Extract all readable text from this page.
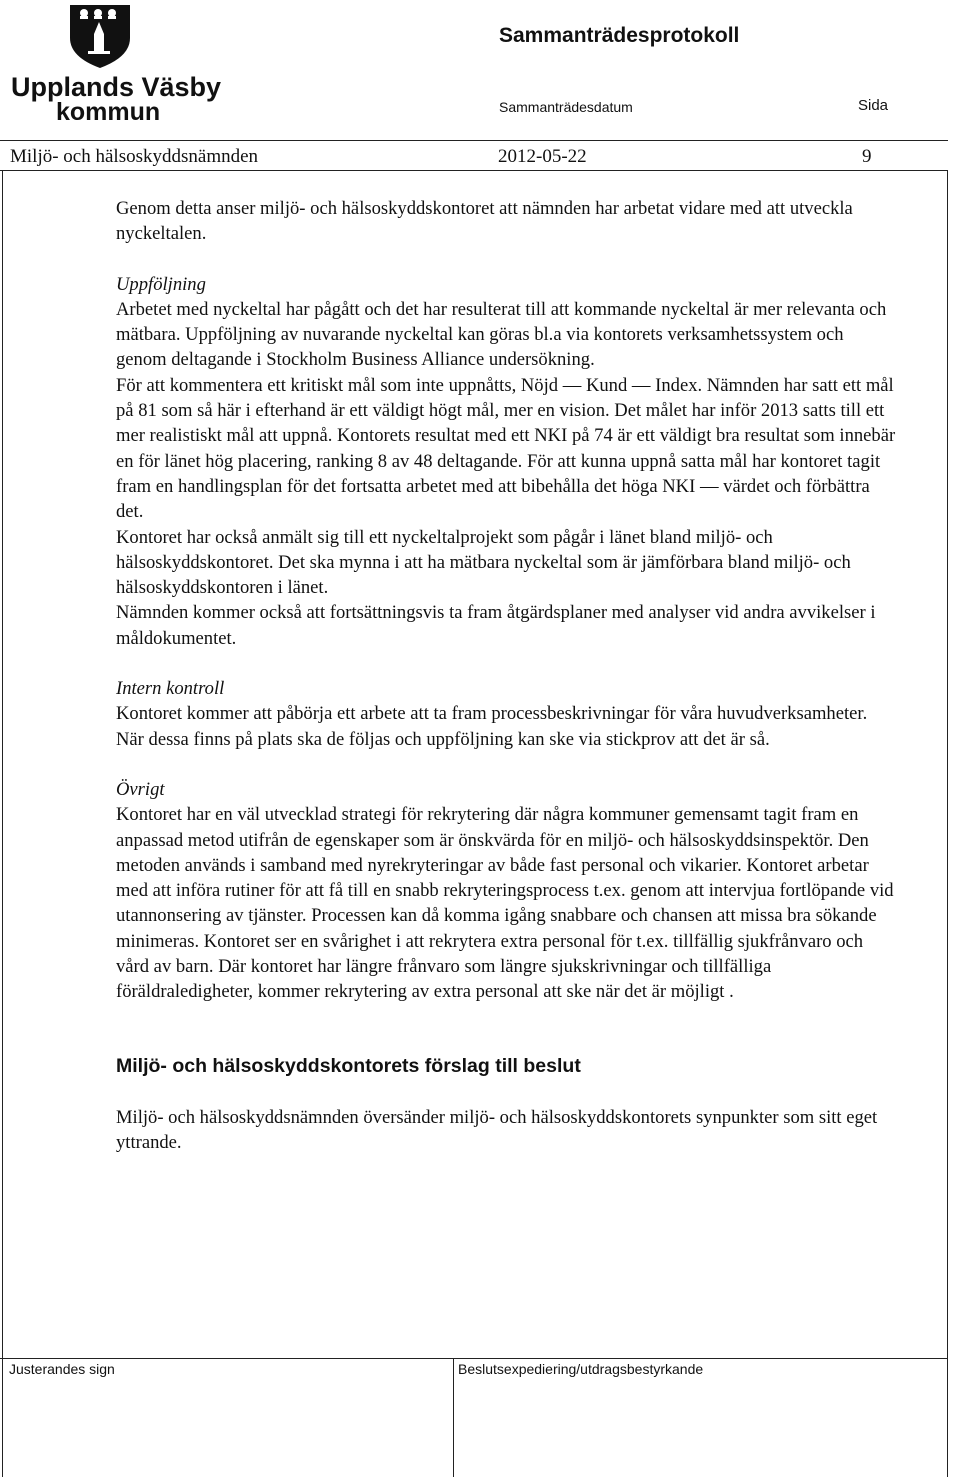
Upplands Väsby
kommun
Sammanträdesprotokoll
Sammanträdesdatum	Sida
Miljö- och hälsoskyddsnämnden	2012-05-22	9

Genom detta anser miljö- och hälsoskyddskontoret att nämnden har arbetat vidare med att utveckla nyckeltalen.

Uppföljning

Arbetet med nyckeltal har pågått och det har resulterat till att kommande nyckeltal är mer relevanta och mätbara. Uppföljning av nuvarande nyckeltal kan göras bl.a via kontorets verksamhetssystem och genom deltagande i Stockholm Business Alliance undersökning.

För att kommentera ett kritiskt mål som inte uppnåtts, Nöjd — Kund — Index. Nämnden har satt ett mål på 81 som så här i efterhand är ett väldigt högt mål, mer en vision. Det målet har inför 2013 satts till ett mer realistiskt mål att uppnå. Kontorets resultat med ett NKI på 74 är ett väldigt bra resultat som innebär en för länet hög placering, ranking 8 av 48 deltagande. För att kunna uppnå satta mål har kontoret tagit fram en handlingsplan för det fortsatta arbetet med att bibehålla det höga NKI — värdet och förbättra det.

Kontoret har också anmält sig till ett nyckeltalprojekt som pågår i länet bland miljö- och hälsoskyddskontoret. Det ska mynna i att ha mätbara nyckeltal som är jämförbara bland miljö- och hälsoskyddskontoren i länet.

Nämnden kommer också att fortsättningsvis ta fram åtgärdsplaner med analyser vid andra avvikelser i måldokumentet.

Intern kontroll

Kontoret kommer att påbörja ett arbete att ta fram processbeskrivningar för våra huvudverksamheter. När dessa finns på plats ska de följas och uppföljning kan ske via stickprov att det är så.

Övrigt

Kontoret har en väl utvecklad strategi för rekrytering där några kommuner gemensamt tagit fram en anpassad metod utifrån de egenskaper som är önskvärda för en miljö- och hälsoskyddsinspektör. Den metoden används i samband med nyrekryteringar av både fast personal och vikarier. Kontoret arbetar med att införa rutiner för att få till en snabb rekryteringsprocess t.ex. genom att intervjua fortlöpande vid utannonsering av tjänster. Processen kan då komma igång snabbare och chansen att missa bra sökande minimeras. Kontoret ser en svårighet i att rekrytera extra personal för t.ex. tillfällig sjukfrånvaro och vård av barn. Där kontoret har längre frånvaro som längre sjukskrivningar och tillfälliga föräldraledigheter, kommer rekrytering av extra personal att ske när det är möjligt .

Miljö- och hälsoskyddskontorets förslag till beslut

Miljö- och hälsoskyddsnämnden översänder miljö- och hälsoskyddskontorets synpunkter som sitt eget yttrande.

Justerandes sign	Beslutsexpediering/utdragsbestyrkande
